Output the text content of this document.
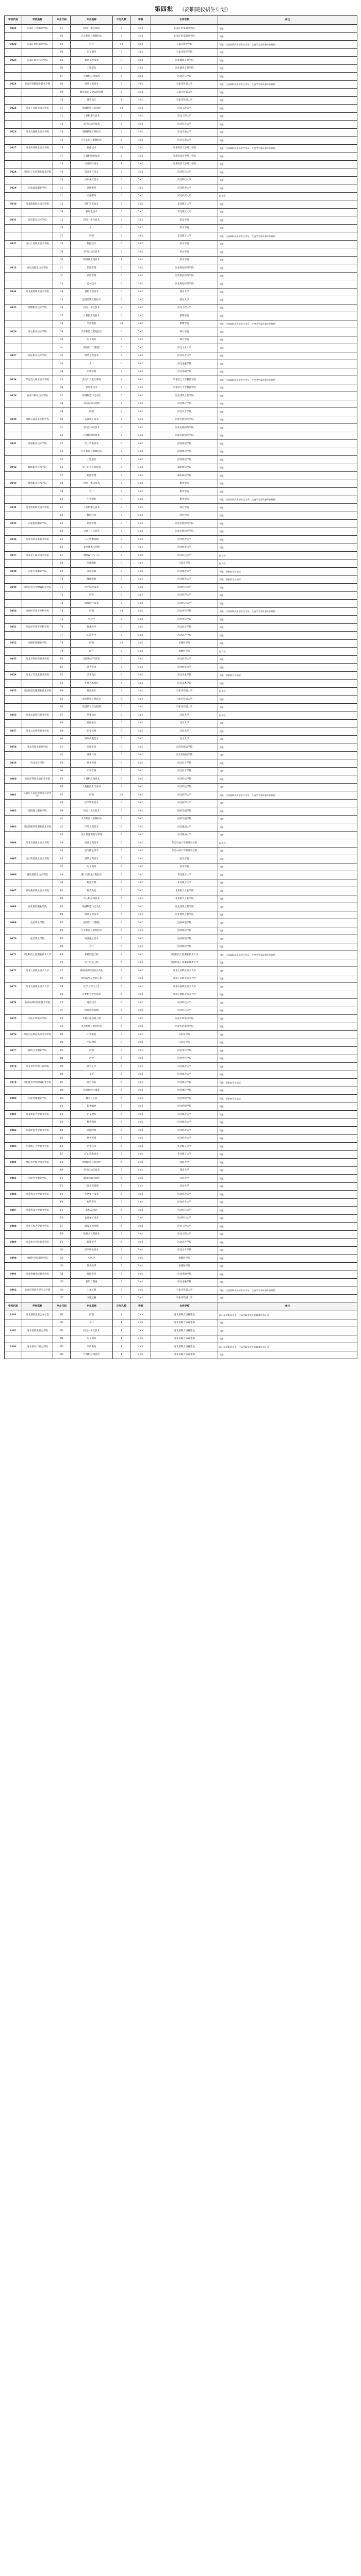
第四批 （高职院校招生计划）
学校代码	学校名称	专业代码	专业名称	计划人数	学制	合作学校	备注
0021	石家庄工程职业学院	01	机电一体化技术	5	3+2	石家庄机电职业学院	不限
		02	汽车检测与维修技术	5	3+2	石家庄机电职业学院	不限
0022	石家庄财经职业学院	03	会计	10	3+2	石家庄财经学院	不限，往届高职高专毕业生学历，在校学生需具备毕业资格
		04	电子商务	5	3+2	石家庄财经学院	不限
0023	石家庄职业技术学院	05	建筑工程技术	8	3+2	河北建筑工程学院	不限
		06	工程造价	6	3+2	河北建筑工程学院	不限
		07	计算机应用技术	5	3+2	河北科技学院	不限
0024	石家庄铁路职业技术学院	08	铁道工程技术	6	3+2	石家庄铁道大学	不限，往届高职高专毕业生学历，在校学生需具备毕业资格
		09	城市轨道交通运营管理	5	3+2	石家庄铁道大学	不限
		10	建筑设计	4	3+2	石家庄铁道大学	不限
0025	河北工业职业技术学院	11	机械制造与自动化	10	3+2	河北工程大学	不限
		12	工业机器人技术	5	3+2	河北工程大学	不限
		13	电气自动化技术	6	3+2	河北科技大学	不限
0026	河北交通职业技术学院	14	道路桥梁工程技术	8	3+2	河北交通大学	不限
		15	汽车运用与维修技术	6	3+2	河北交通大学	不限
0027	河北软件职业技术学院	16	软件技术	10	3+2	河北科技大学理工学院	不限，往届高职高专毕业生学历，在校学生需具备毕业资格
		17	计算机网络技术	6	3+2	河北科技大学理工学院	不限
		18	动漫制作技术	4	3+2	河北科技大学理工学院	不限
0028	河北化工医药职业技术学院	19	药品生产技术	6	3+2	河北科技大学	不限
		20	应用化工技术	5	3+2	河北科技大学	不限
0029	河北政法职业学院	21	法律事务	8	3+2	河北经贸大学	不限
		22	司法警务	6	3+2	河北经贸大学	限男性
0030	河北能源职业技术学院	23	煤矿开采技术	5	3+2	华北理工大学	不限
		24	供用电技术	5	3+2	华北理工大学	不限
0031	唐山职业技术学院	25	机电一体化技术	6	3+2	唐山学院	不限
		26	会计	6	3+2	唐山学院	不限
		27	护理	8	3+2	华北理工大学	不限，往届高职高专毕业生学历，在校学生需具备毕业资格
0032	唐山工业职业技术学院	28	数控技术	6	3+2	唐山学院	不限
		29	电气自动化技术	6	3+2	唐山学院	不限
		30	物联网应用技术	4	3+2	唐山学院	不限
0033	秦皇岛职业技术学院	31	旅游管理	6	3+2	河北科技师范学院	不限
		32	酒店管理	5	3+2	河北科技师范学院	不限
		33	园林技术	5	3+2	河北科技师范学院	不限
0034	河北建材职业技术学院	34	材料工程技术	6	3+2	燕山大学	不限
		35	建筑装饰工程技术	5	3+2	燕山大学	不限
0035	邯郸职业技术学院	36	机电一体化技术	8	3+2	河北工程大学	不限
		37	计算机应用技术	6	3+2	邯郸学院	不限
		38	学前教育	10	3+2	邯郸学院	不限，往届高职高专毕业生学历，在校学生需具备毕业资格
0036	邢台职业技术学院	39	汽车制造与装配技术	6	3+2	邢台学院	不限
		40	电子商务	5	3+2	邢台学院	不限
		41	模具设计与制造	5	3+2	河北工业大学	不限
0037	保定职业技术学院	42	建筑工程技术	6	3+2	河北农业大学	不限
		43	会计	6	3+2	河北金融学院	不限
		44	市场营销	5	3+2	河北金融学院	不限
0038	保定电力职业技术学院	45	发电厂及电力系统	8	3+2	华北电力大学科技学院	不限，往届高职高专毕业生学历，在校学生需具备毕业资格
		46	供用电技术	6	3+2	华北电力大学科技学院	不限
0039	张家口职业技术学院	47	机械制造与自动化	5	3+2	河北建筑工程学院	不限
		48	冰雪运动与管理	6	3+2	河北体育学院	不限
		49	护理	8	3+2	河北北方学院	不限
0040	承德石油高等专科学校	50	石油化工技术	6	3+2	河北民族师范学院	不限
		51	电气自动化技术	6	3+2	河北民族师范学院	不限
		52	计算机网络技术	5	3+2	河北民族师范学院	不限
0041	沧州职业技术学院	53	化工装备技术	6	3+2	沧州师范学院	不限
		54	汽车检测与维修技术	5	3+2	沧州师范学院	不限
		55	工程造价	5	3+2	沧州师范学院	不限
0042	廊坊职业技术学院	56	电子信息工程技术	6	3+2	廊坊师范学院	不限
		57	物流管理	5	3+2	廊坊师范学院	不限
0043	衡水职业技术学院	58	机电一体化技术	6	3+2	衡水学院	不限
		59	会计	6	3+2	衡水学院	不限
		60	小学教育	8	3+2	衡水学院	不限，往届高职高专毕业生学历，在校学生需具备毕业资格
0044	河北机电职业技术学院	61	工业机器人技术	6	3+2	邢台学院	不限
		62	数控技术	6	3+2	邢台学院	不限
0045	河北旅游职业学院	63	旅游管理	6	3+2	河北民族师范学院	不限
		64	烹调工艺与营养	5	3+2	河北民族师范学院	不限
0046	河北劳动关系职业学院	65	人力资源管理	6	3+2	河北经贸大学	不限
		66	安全技术与管理	5	3+2	河北经贸大学	不限
0047	河北女子职业技术学院	67	服装设计与工艺	6	3+2	河北科技大学	限女性
		68	早期教育	8	3+2	石家庄学院	限女性
0048	河北艺术职业学院	69	音乐表演	5	3+2	河北师范大学	不限，须参加专业加试
		70	舞蹈表演	5	3+2	河北师范大学	不限，须参加专业加试
0049	河北医科大学附属职业学院	71	医学检验技术	6	3+2	河北医科大学	不限
		72	药学	6	3+2	河北医科大学	不限
		73	康复治疗技术	5	3+2	河北医科大学	不限
0050	沧州医学高等专科学校	74	护理	10	3+2	河北中医学院	不限，往届高职高专毕业生学历，在校学生需具备毕业资格
		75	中药学	6	3+2	河北中医学院	不限
0051	邢台医学高等专科学校	76	临床医学	8	3+2	河北北方学院	不限
		77	口腔医学	5	3+2	河北北方学院	不限
0052	承德护理职业学院	78	护理	10	3+2	承德医学院	不限
		79	助产	6	3+2	承德医学院	限女性
0053	河北对外经贸职业学院	80	国际经济与贸易	6	3+2	河北经贸大学	不限
		81	商务英语	5	3+2	河北经贸大学	不限
0054	河北工艺美术职业学院	82	艺术设计	6	3+2	河北美术学院	不限，须参加专业加试
		83	环境艺术设计	5	3+2	河北美术学院	不限
0055	河北轨道运输职业技术学院	84	铁道机车	8	3+2	石家庄铁道大学	限男性
		85	高速铁道工程技术	6	3+2	石家庄铁道大学	不限
		86	铁道信号自动控制	5	3+2	石家庄铁道大学	不限
0056	河北司法警官职业学院	87	刑事执行	6	3+2	河北大学	限男性
		88	社区矫正	5	3+2	河北大学	不限
0057	河北公安警察职业学院	89	治安管理	6	3+2	河北大学	不限
		90	刑事侦查技术	5	3+2	河北大学	不限
0058	河北外国语职业学院	91	应用英语	6	3+2	河北外国语学院	不限
		92	应用日语	5	3+2	河北外国语学院	不限
0059	河北东方学院	93	财务管理	6	3+2	河北东方学院	不限
		94	市场营销	5	3+2	河北东方学院	不限
0060	石家庄科技信息职业学院	95	计算机应用技术	6	3+2	河北科技学院	不限
		96	大数据技术与应用	5	3+2	河北科技学院	不限
0061	石家庄人民医学高等专科学校	97	护理	10	3+2	河北医科大学	不限，往届高职高专毕业生学历，在校学生需具备毕业资格
		98	医学影像技术	6	3+2	河北医科大学	不限
0062	渤海理工职业学院	99	机电一体化技术	5	3+2	沧州交通学院	不限
		A1	汽车检测与维修技术	5	3+2	沧州交通学院	不限
0063	河北资源环境职业技术学院	A2	环境工程技术	6	3+2	河北地质大学	不限
		A3	国土资源调查与管理	5	3+2	河北地质大学	不限
0064	河北石油职业技术学院	A4	石油工程技术	6	3+2	东北石油大学秦皇岛分校	限男性
		A5	油气储运技术	5	3+2	东北石油大学秦皇岛分校	不限
0065	唐山科技职业技术学院	A6	建筑工程技术	5	3+2	唐山学院	不限
		A7	电子商务	5	3+2	唐山学院	不限
0066	曹妃甸职业技术学院	A8	港口与航道工程技术	6	3+2	华北理工大学	不限
		A9	物流管理	5	3+2	华北理工大学	不限
0067	廊坊燕京职业技术学院	B1	航空物流	5	3+2	北华航天工业学院	不限
		B2	无人机应用技术	5	3+2	北华航天工业学院	不限
0068	宣化科技职业学院	B3	机械制造与自动化	5	3+2	河北建筑工程学院	不限
		B4	建筑工程技术	5	3+2	河北建筑工程学院	不限
0069	泊头职业学院	B5	模具设计与制造	6	3+2	沧州师范学院	不限
		B6	汽车制造与装配技术	5	3+2	沧州师范学院	不限
0070	任丘职业学院	B7	石油化工技术	5	3+2	沧州师范学院	不限
		B8	会计	5	3+2	沧州师范学院	不限
0071	河北科技工程职业技术大学	B9	智能制造工程	8	3+2	河北科技工程职业技术大学	不限，往届高职高专毕业生学历，在校学生需具备毕业资格
		C1	电子信息工程	6	3+2	河北科技工程职业技术大学	不限
0072	河北工业职业技术大学	C2	机械设计制造及自动化	8	3+2	河北工业职业技术大学	不限
		C3	材料成型及控制工程	6	3+2	河北工业职业技术大学	不限
0073	河北石油职业技术大学	C4	化学工程与工艺	6	3+2	河北石油职业技术大学	不限
		C5	计算机科学与技术	6	3+2	河北石油职业技术大学	不限
0074	石家庄邮电职业技术学院	C6	通信技术	6	3+2	河北科技大学	不限
		C7	快递运营管理	5	3+2	河北科技大学	不限
0075	河北水利电力学院	C8	水利水电建筑工程	6	3+2	河北水利电力学院	不限
		C9	电力系统自动化技术	5	3+2	河北水利电力学院	不限
0076	河北正定师范高等专科学校	D1	小学教育	8	3+2	石家庄学院	不限
		D2	学前教育	8	3+2	石家庄学院	不限
0077	廊坊卫生职业学院	D3	护理	8	3+2	河北中医学院	不限
		D4	药学	5	3+2	河北中医学院	不限
0078	河北青年管理干部学院	D5	社会工作	5	3+2	河北师范大学	不限
		D6	文秘	5	3+2	河北师范大学	不限
0079	河北体育学院附属职业学院	D7	社会体育	6	3+2	河北体育学院	不限，须参加专业加试
		D8	体育保健与康复	5	3+2	河北体育学院	不限
0080	河北传媒职业学院	D9	播音与主持	5	3+2	河北传媒学院	不限，须参加专业加试
		E1	影视编导	5	3+2	河北传媒学院	不限
0081	河北师范大学职业学院	E2	语文教育	6	3+2	河北师范大学	不限
		E3	数学教育	6	3+2	河北师范大学	不限
0082	河北经贸大学职业学院	E4	金融管理	6	3+2	河北经贸大学	不限
		E5	财务管理	5	3+2	河北经贸大学	不限
0083	华北理工大学职业学院	E6	冶金技术	6	3+2	华北理工大学	不限
		E7	矿山机电技术	5	3+2	华北理工大学	不限
0084	燕山大学职业技术学院	E8	机械制造与自动化	6	3+2	燕山大学	不限
		E9	电气自动化技术	5	3+2	燕山大学	不限
0085	河北大学职业学院	F1	新闻采编与制作	5	3+2	河北大学	不限
		F2	工商企业管理	5	3+2	河北大学	不限
0086	河北农业大学职业学院	F3	作物生产技术	6	3+2	河北农业大学	不限
		F4	畜牧兽医	6	3+2	河北农业大学	不限
0087	河北科技大学职业学院	F5	纺织品设计	5	3+2	河北科技大学	不限
		F6	食品加工技术	5	3+2	河北科技大学	不限
0088	河北工程大学职业学院	F7	建设工程管理	6	3+2	河北工程大学	不限
		F8	给排水工程技术	5	3+2	河北工程大学	不限
0089	河北北方学院职业学院	F9	临床医学	6	3+2	河北北方学院	不限
		G1	医学检验技术	5	3+2	河北北方学院	不限
0090	承德医学院职业学院	G2	中医学	6	3+2	承德医学院	不限
		G3	针灸推拿	5	3+2	承德医学院	不限
0091	河北金融学院职业学院	G4	保险实务	5	3+2	河北金融学院	不限
		G5	投资与理财	5	3+2	河北金融学院	不限
0092	石家庄铁道大学四方学院	G6	土木工程	8	3+2	石家庄铁道大学	不限，往届高职高专毕业生学历，在校学生需具备毕业资格
		G7	交通运输	6	3+2	石家庄铁道大学	不限
学校代码	学校名称	专业代码	专业名称	计划人数	学制	合作学校	备注
0101	河北省招生联合办公室	H1	护理	4	2+3	河北省联合培养基地	限应届中职毕业生，往届中职毕业生须取得毕业证书
		H2	会计	4	2+3	河北省联合培养基地	不限
0102	河北省职教联合学院	H3	机电一体化技术	4	2+3	河北省联合培养基地	不限
		H4	电子商务	4	2+3	河北省联合培养基地	不限
0103	河北省对口联合学院	H5	学前教育	4	2+3	河北省联合培养基地	限应届中职毕业生，往届中职毕业生须取得毕业证书
		H6	计算机应用技术	4	2+3	河北省联合培养基地	不限
